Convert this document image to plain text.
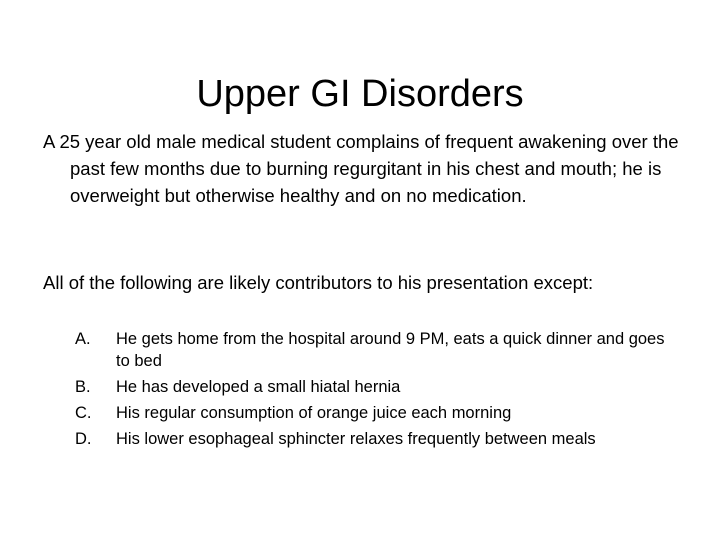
Upper GI Disorders
A 25 year old male medical student complains of frequent awakening over the past few months due to burning regurgitant in his chest and mouth; he is overweight but otherwise healthy and on no medication.
All of the following are likely contributors to his presentation except:
A. He gets home from the hospital around 9 PM, eats a quick dinner and goes to bed
B. He has developed a small hiatal hernia
C. His regular consumption of orange juice each morning
D. His lower esophageal sphincter relaxes frequently between meals
